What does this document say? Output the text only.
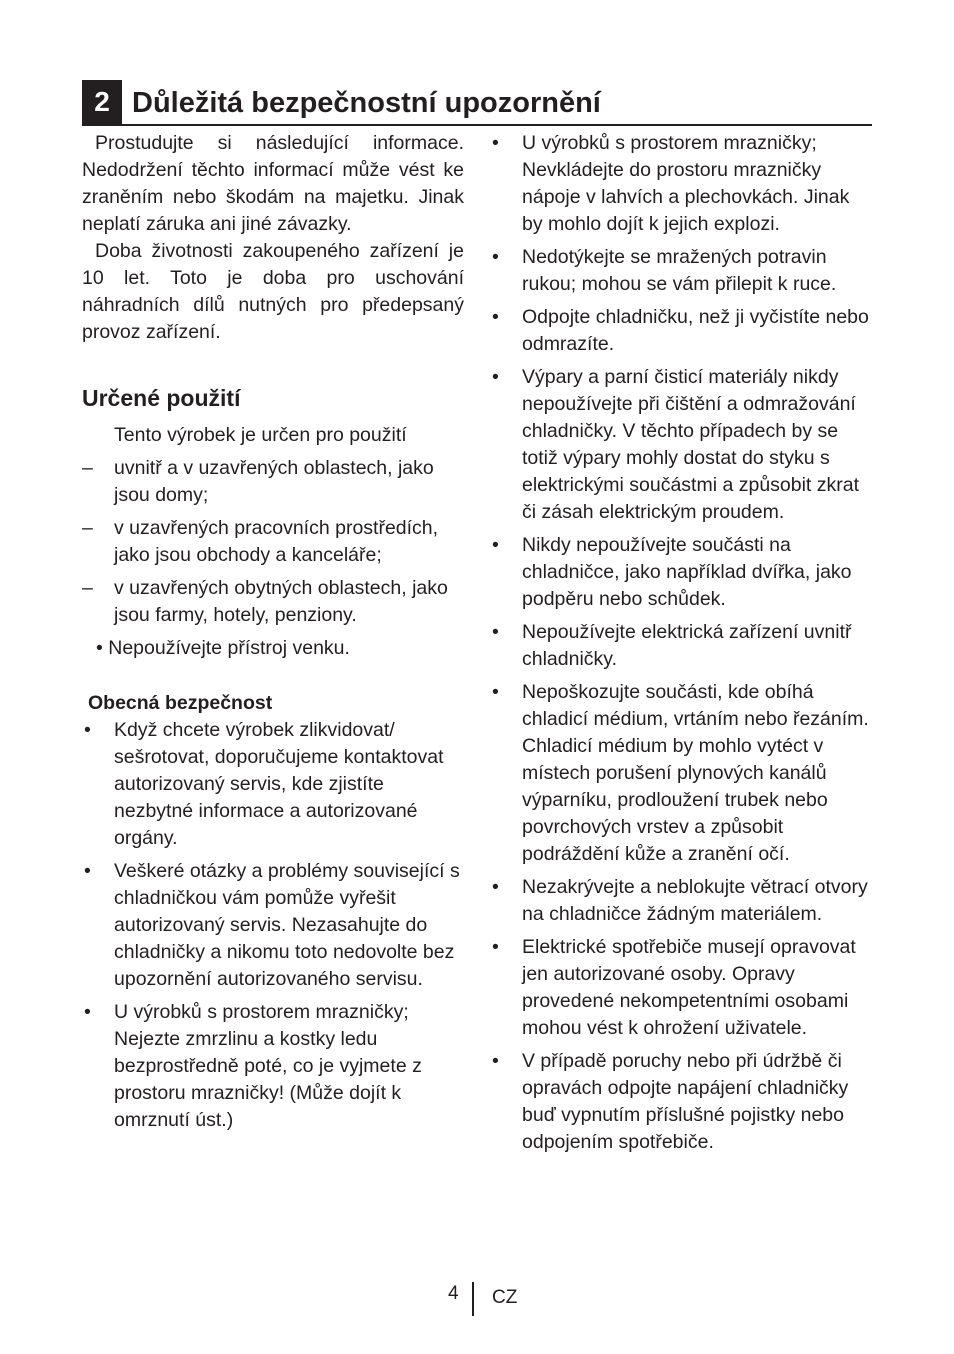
2 Důležitá bezpečnostní upozornění

Prostudujte si následující informace. Nedodržení těchto informací může vést ke zraněním nebo škodám na majetku. Jinak neplatí záruka ani jiné závazky.

Doba životnosti zakoupeného zařízení je 10 let. Toto je doba pro uschování náhradních dílů nutných pro předepsaný provoz zařízení.

Určené použití

Tento výrobek je určen pro použití

– uvnitř a v uzavřených oblastech, jako jsou domy;
– v uzavřených pracovních prostředích, jako jsou obchody a kanceláře;
– v uzavřených obytných oblastech, jako jsou farmy, hotely, penziony.

• Nepoužívejte přístroj venku.

Obecná bezpečnost
• Když chcete výrobek zlikvidovat/ sešrotovat, doporučujeme kontaktovat autorizovaný servis, kde zjistíte nezbytné informace a autorizované orgány.
• Veškeré otázky a problémy související s chladničkou vám pomůže vyřešit autorizovaný servis. Nezasahujte do chladničky a nikomu toto nedovolte bez upozornění autorizovaného servisu.
• U výrobků s prostorem mrazničky; Nejezte zmrzlinu a kostky ledu bezprostředně poté, co je vyjmete z prostoru mrazničky! (Může dojít k omrznutí úst.)
• U výrobků s prostorem mrazničky; Nevkládejte do prostoru mrazničky nápoje v lahvích a plechovkách. Jinak by mohlo dojít k jejich explozi.
• Nedotýkejte se mražených potravin rukou; mohou se vám přilepit k ruce.
• Odpojte chladničku, než ji vyčistíte nebo odmrazíte.
• Výpary a parní čisticí materiály nikdy nepoužívejte při čištění a odmražování chladničky. V těchto případech by se totiž výpary mohly dostat do styku s elektrickými součástmi a způsobit zkrat či zásah elektrickým proudem.
• Nikdy nepoužívejte součásti na chladničce, jako například dvířka, jako podpěru nebo schůdek.
• Nepoužívejte elektrická zařízení uvnitř chladničky.
• Nepoškozujte součásti, kde obíhá chladicí médium, vrtáním nebo řezáním. Chladicí médium by mohlo vytéct v místech porušení plynových kanálů výparníku, prodloužení trubek nebo povrchových vrstev a způsobit podráždění kůže a zranění očí.
• Nezakrývejte a neblokujte větrací otvory na chladničce žádným materiálem.
• Elektrické spotřebiče musejí opravovat jen autorizované osoby. Opravy provedené nekompetentními osobami mohou vést k ohrožení uživatele.
• V případě poruchy nebo při údržbě či opravách odpojte napájení chladničky buď vypnutím příslušné pojistky nebo odpojením spotřebiče.
4 CZ
